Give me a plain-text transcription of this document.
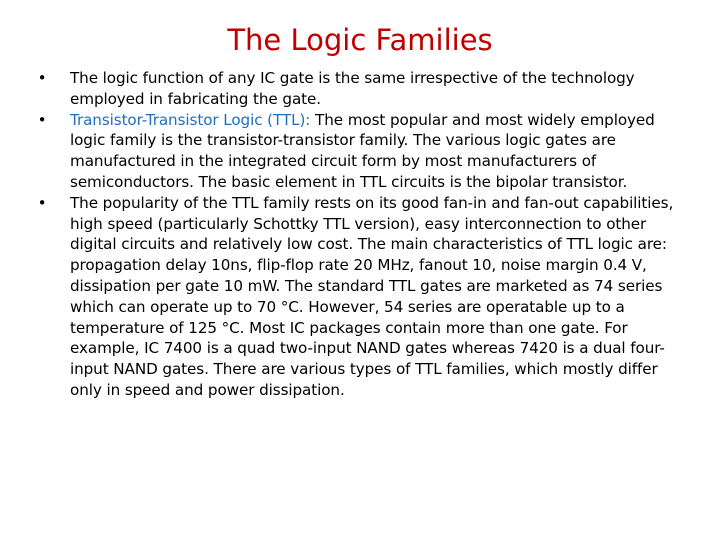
The Logic Families
• The logic function of any IC gate is the same irrespective of the technology employed in fabricating the gate.
• Transistor-Transistor Logic (TTL): The most popular and most widely employed logic family is the transistor-transistor family. The various logic gates are manufactured in the integrated circuit form by most manufacturers of semiconductors. The basic element in TTL circuits is the bipolar transistor.
• The popularity of the TTL family rests on its good fan-in and fan-out capabilities, high speed (particularly Schottky TTL version), easy interconnection to other digital circuits and relatively low cost. The main characteristics of TTL logic are: propagation delay 10ns, flip-flop rate 20 MHz, fanout 10, noise margin 0.4 V, dissipation per gate 10 mW. The standard TTL gates are marketed as 74 series which can operate up to 70 °C. However, 54 series are operatable up to a temperature of 125 °C. Most IC packages contain more than one gate. For example, IC 7400 is a quad two-input NAND gates whereas 7420 is a dual four-input NAND gates. There are various types of TTL families, which mostly differ only in speed and power dissipation.
